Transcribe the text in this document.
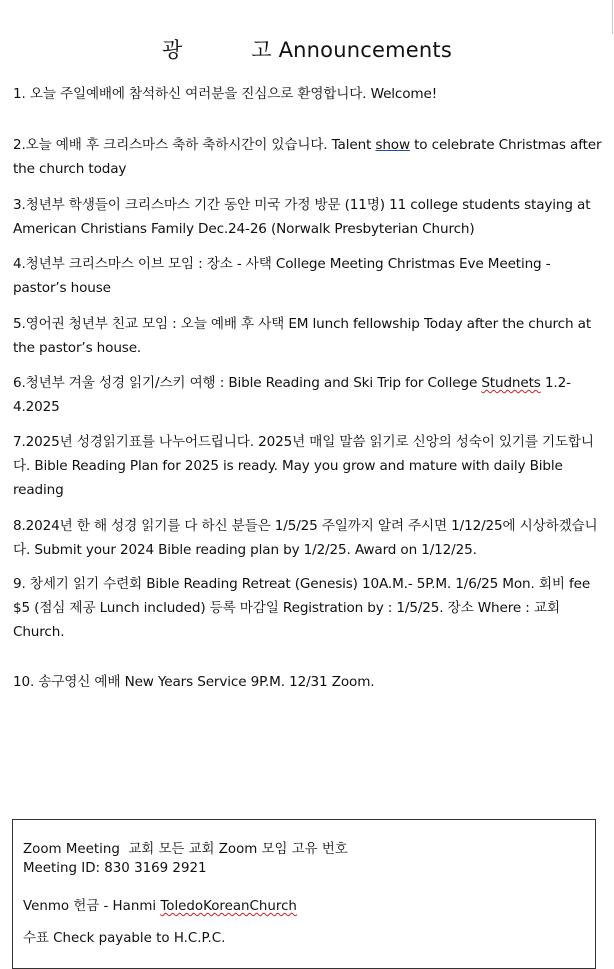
광          고 Announcements
1. 오늘 주일예배에 참석하신 여러분을 진심으로 환영합니다. Welcome!
2.오늘 예배 후 크리스마스 축하 축하시간이 있습니다. Talent show to celebrate Christmas after the church today
3.청년부 학생들이 크리스마스 기간 동안 미국 가정 방문 (11명) 11 college students staying at American Christians Family Dec.24-26 (Norwalk Presbyterian Church)
4.청년부 크리스마스 이브 모임 : 장소 - 사택 College Meeting Christmas Eve Meeting - pastor’s house
5.영어권 청년부 친교 모임 : 오늘 예배 후 사택 EM lunch fellowship Today after the church at the pastor’s house.
6.청년부 겨울 성경 읽기/스키 여행 : Bible Reading and Ski Trip for College Studnets 1.2-4.2025
7.2025년 성경읽기표를 나누어드립니다. 2025년 매일 말씀 읽기로 신앙의 성숙이 있기를 기도합니다. Bible Reading Plan for 2025 is ready. May you grow and mature with daily Bible reading
8.2024년 한 해 성경 읽기를 다 하신 분들은 1/5/25 주일까지 알려 주시면 1/12/25에 시상하겠습니다. Submit your 2024 Bible reading plan by 1/2/25. Award on 1/12/25.
9. 창세기 읽기 수련회 Bible Reading Retreat (Genesis) 10A.M.- 5P.M. 1/6/25 Mon. 회비 fee $5 (점심 제공 Lunch included) 등록 마감일 Registration by : 1/5/25. 장소 Where : 교회 Church.
10. 송구영신 예배 New Years Service 9P.M. 12/31 Zoom.
Zoom Meeting  교회 모든 교회 Zoom 모임 고유 번호
Meeting ID: 830 3169 2921
Venmo 헌금 - Hanmi ToledoKoreanChurch
수표 Check payable to H.C.P.C.
